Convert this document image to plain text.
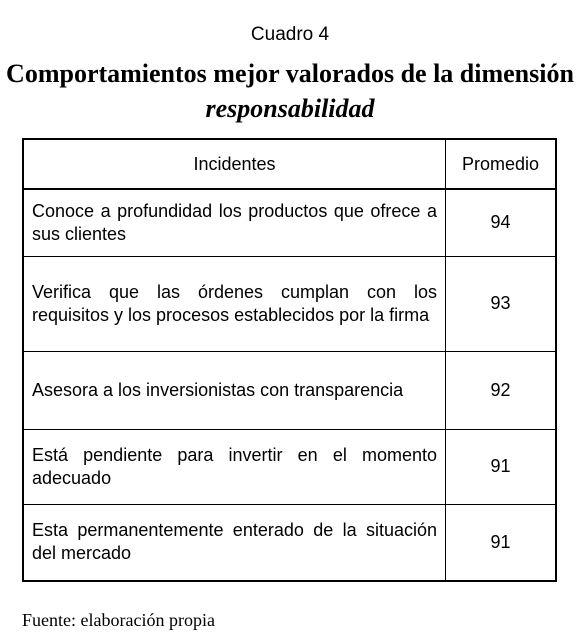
Cuadro 4
Comportamientos mejor valorados de la dimensión responsabilidad
Incidentes	Promedio
Conoce a profundidad los productos que ofrece a sus clientes	94
Verifica que las órdenes cumplan con los requisitos y los procesos establecidos por la firma	93
Asesora a los inversionistas con transparencia	92
Está pendiente para invertir en el momento adecuado	91
Esta permanentemente enterado de la situación del mercado	91
Fuente: elaboración propia
